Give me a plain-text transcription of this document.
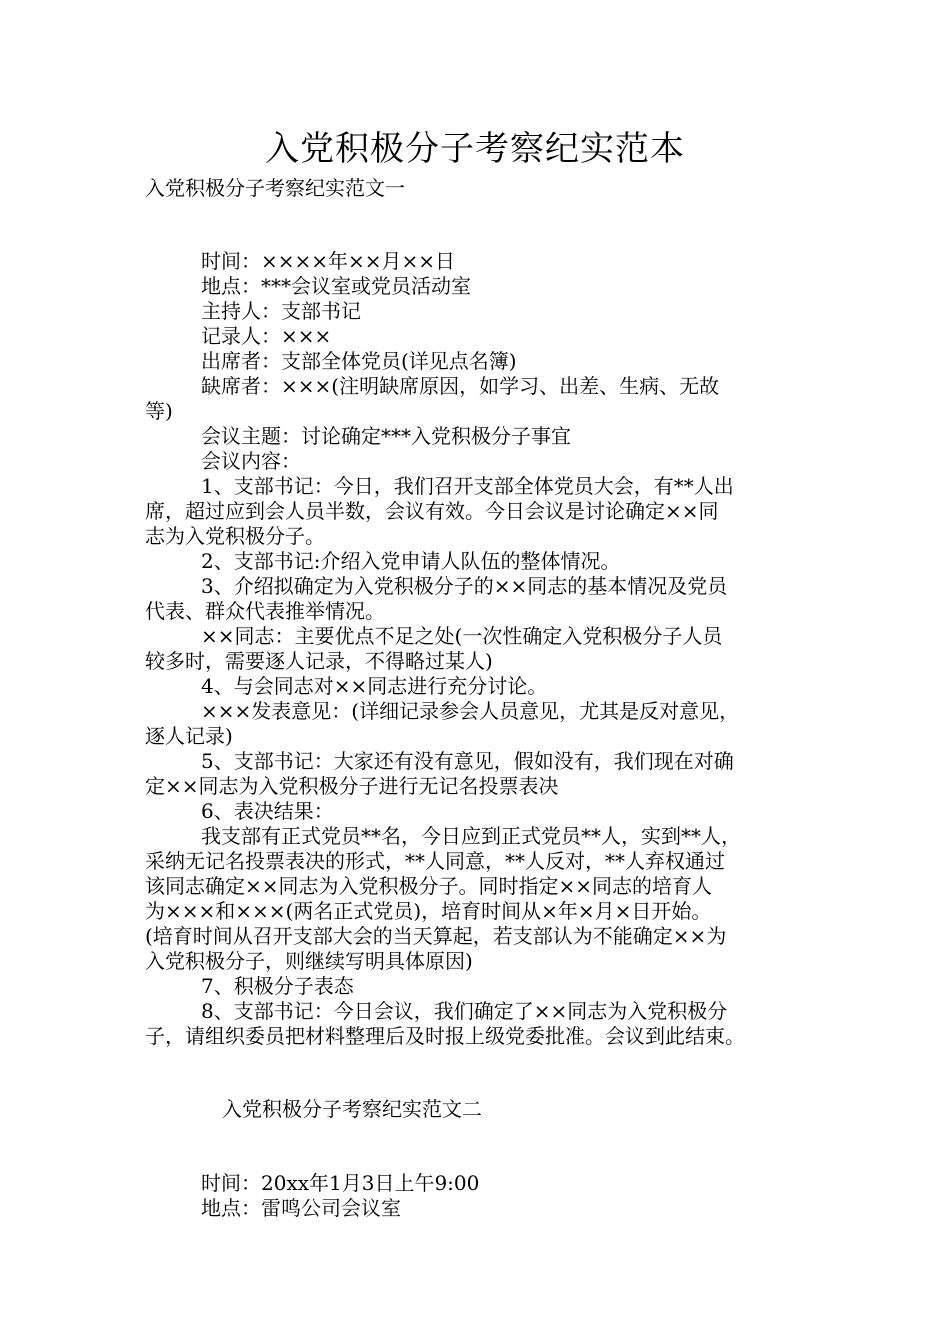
入党积极分子考察纪实范本
入党积极分子考察纪实范文一
时间：××××年××月××日
地点：***会议室或党员活动室
主持人：支部书记
记录人：×××
出席者：支部全体党员(详见点名簿)
缺席者：×××(注明缺席原因，如学习、出差、生病、无故
等)
会议主题：讨论确定***入党积极分子事宜
会议内容：
1、支部书记：今日，我们召开支部全体党员大会，有**人出
席，超过应到会人员半数，会议有效。今日会议是讨论确定××同
志为入党积极分子。
2、支部书记:介绍入党申请人队伍的整体情况。
3、介绍拟确定为入党积极分子的××同志的基本情况及党员
代表、群众代表推举情况。
××同志：主要优点不足之处(一次性确定入党积极分子人员
较多时，需要逐人记录，不得略过某人)
4、与会同志对××同志进行充分讨论。
×××发表意见：(详细记录参会人员意见，尤其是反对意见，
逐人记录)
5、支部书记：大家还有没有意见，假如没有，我们现在对确
定××同志为入党积极分子进行无记名投票表决
6、表决结果：
我支部有正式党员**名，今日应到正式党员**人，实到**人，
采纳无记名投票表决的形式，**人同意，**人反对，**人弃权通过
该同志确定××同志为入党积极分子。同时指定××同志的培育人
为×××和×××(两名正式党员)，培育时间从×年×月×日开始。
(培育时间从召开支部大会的当天算起，若支部认为不能确定××为
入党积极分子，则继续写明具体原因)
7、积极分子表态
8、支部书记：今日会议，我们确定了××同志为入党积极分
子，请组织委员把材料整理后及时报上级党委批准。会议到此结束。
入党积极分子考察纪实范文二
时间：20xx年1月3日上午9:00
地点：雷鸣公司会议室
